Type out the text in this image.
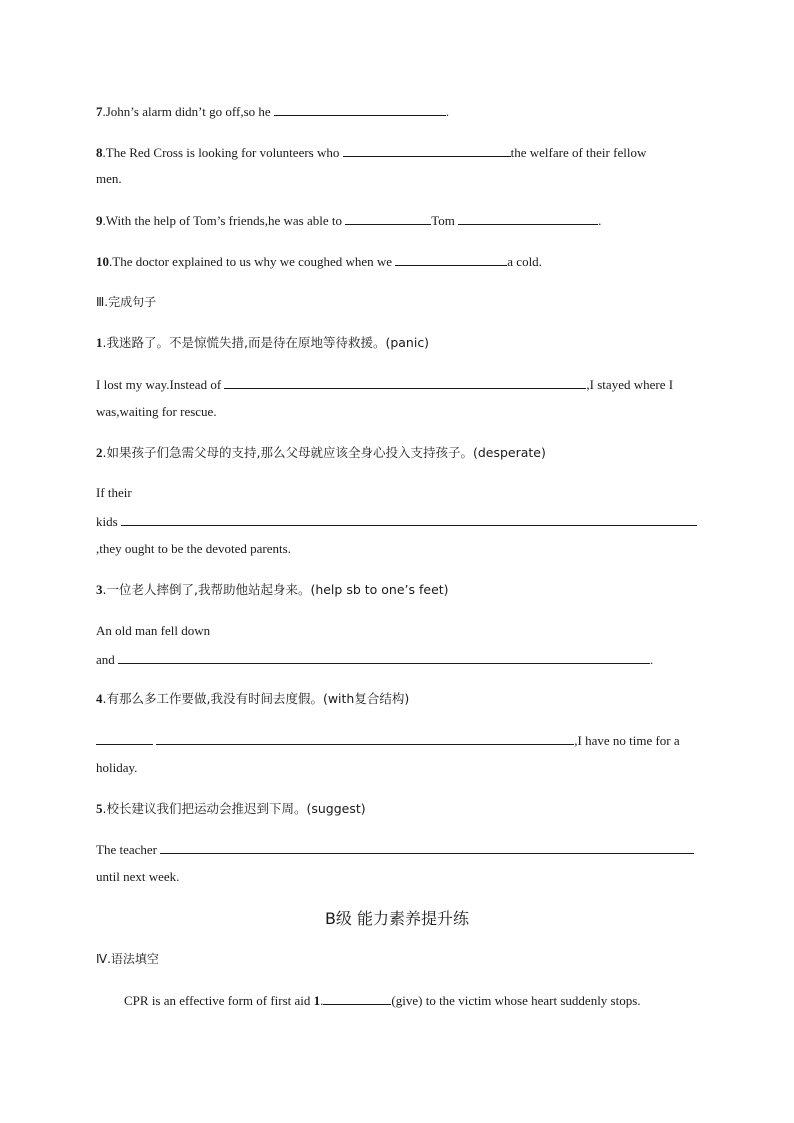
7.John’s alarm didn’t go off,so he	.
8.The Red Cross is looking for volunteers who	the welfare of their fellow
men.
9.With the help of Tom’s friends,he was able to	Tom	.
10.The doctor explained to us why we coughed when we	a cold.
Ⅲ.完成句子
1.我迷路了。不是惊慌失措,而是待在原地等待救援。(panic)
I lost my way.Instead of	,I stayed where I
was,waiting for rescue.
2.如果孩子们急需父母的支持,那么父母就应该全身心投入支持孩子。(desperate)
If their
kids
,they ought to be the devoted parents.
3.一位老人摔倒了,我帮助他站起身来。(help sb to one’s feet)
An old man fell down
and	.
4.有那么多工作要做,我没有时间去度假。(with复合结构)
,I have no time for a
holiday.
5.校长建议我们把运动会推迟到下周。(suggest)
The teacher
until next week.
B级 能力素养提升练
Ⅳ.语法填空
CPR is an effective form of first aid 1.	(give) to the victim whose heart suddenly stops.
